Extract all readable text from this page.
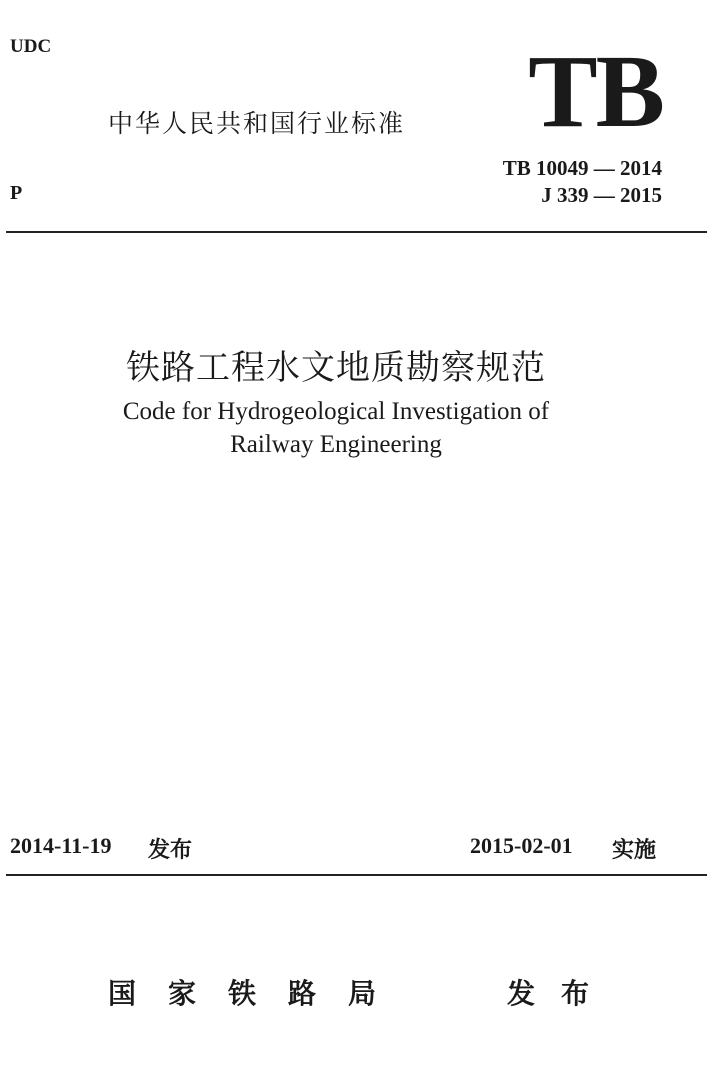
UDC
中华人民共和国行业标准 TB
P
TB 10049 — 2014
J 339 — 2015
铁路工程水文地质勘察规范
Code for Hydrogeological Investigation of
Railway Engineering
2014-11-19 发布	2015-02-01 实施
国家铁路局	发布
